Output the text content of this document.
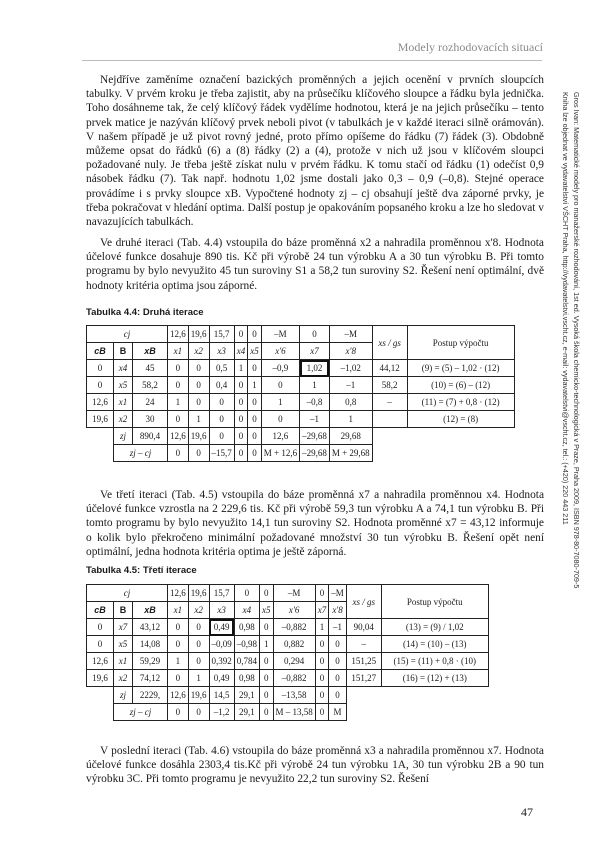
Modely rozhodovacích situací
Gros Ivan: Matematické modely pro manažerské rozhodování, 1st ed. Vysoká škola chemicko-technologická v Praze, Praha 2009, ISBN 978-80-7080-709-5
Kniha lze objednat ve vydavatelství VŠCHT Praha, http://vydavatelstvi.vscht.cz, e-mail: vydavatelstvi@vscht.cz, tel.: (+420) 220 443 211

Nejdříve zaměníme označení bazických proměnných a jejich ocenění v prvních sloupcích tabulky. V prvém kroku je třeba zajistit, aby na průsečíku klíčového sloupce a řádku byla jednička. Toho dosáhneme tak, že celý klíčový řádek vydělíme hodnotou, která je na jejich průsečíku – tento prvek matice je nazýván klíčový prvek neboli pivot (v tabulkách je v každé iteraci silně orámován). V našem případě je už pivot rovný jedné, proto přímo opíšeme do řádku (7) řádek (3). Obdobně můžeme opsat do řádků (6) a (8) řádky (2) a (4), protože v nich už jsou v klíčovém sloupci požadované nuly. Je třeba ještě získat nulu v prvém řádku. K tomu stačí od řádku (1) odečíst 0,9 násobek řádku (7). Tak např. hodnotu 1,02 jsme dostali jako 0,3 – 0,9 (–0,8). Stejné operace provádíme i s prvky sloupce xB. Vypočtené hodnoty zj – cj obsahují ještě dva záporné prvky, je třeba pokračovat v hledání optima. Další postup je opakováním popsaného kroku a lze ho sledovat v navazujících tabulkách.

Ve druhé iteraci (Tab. 4.4) vstoupila do báze proměnná x2 a nahradila proměnnou x'8. Hodnota účelové funkce dosahuje 890 tis. Kč při výrobě 24 tun výrobku A a 30 tun výrobku B. Při tomto programu by bylo nevyužito 45 tun suroviny S1 a 58,2 tun suroviny S2. Řešení není optimální, dvě hodnoty kritéria optima jsou záporné.

Tabulka 4.4: Druhá iterace
cj			12,6	19,6	15,7	0	0	–M	0	–M	xs / gs	Postup výpočtu
cB	B	xB	x1	x2	x3	x4	x5	x'6	x7	x'8		
0	x4	45	0	0	0,5	1	0	–0,9	1,02	–1,02	44,12	(9) = (5) – 1,02 · (12)
0	x5	58,2	0	0	0,4	0	1	0	1	–1	58,2	(10) = (6) – (12)
12,6	x1	24	1	0	0	0	0	1	–0,8	0,8	–	(11) = (7) + 0,8 · (12)
19,6	x2	30	0	1	0	0	0	0	–1	1		(12) = (8)
	zj	890,4	12,6	19,6	0	0	0	12,6	–29,68	29,68		
	zj – cj		0	0	–15,7	0	0	M + 12,6	–29,68	M + 29,68		

Ve třetí iteraci (Tab. 4.5) vstoupila do báze proměnná x7 a nahradila proměnnou x4. Hodnota účelové funkce vzrostla na 2 229,6 tis. Kč při výrobě 59,3 tun výrobku A a 74,1 tun výrobku B. Při tomto programu by bylo nevyužito 14,1 tun suroviny S2. Hodnota proměnné x7 = 43,12 informuje o kolik bylo překročeno minimální požadované množství 30 tun výrobku B. Řešení opět není optimální, jedna hodnota kritéria optima je ještě záporná.

Tabulka 4.5: Třetí iterace
cj			12,6	19,6	15,7	0	0	–M	0	–M	xs / gs	Postup výpočtu
cB	B	xB	x1	x2	x3	x4	x5	x'6	x7	x'8		
0	x7	43,12	0	0	0,49	0,98	0	–0,882	1	–1	90,04	(13) = (9) / 1,02
0	x5	14,08	0	0	–0,09	–0,98	1	0,882	0	0	–	(14) = (10) – (13)
12,6	x1	59,29	1	0	0,392	0,784	0	0,294	0	0	151,25	(15) = (11) + 0,8 · (10)
19,6	x2	74,12	0	1	0,49	0,98	0	–0,882	0	0	151,27	(16) = (12) + (13)
	zj	2229,	12,6	19,6	14,5	29,1	0	–13,58	0	0		
	zj – cj		0	0	–1,2	29,1	0	M – 13,58	0	M		

V poslední iteraci (Tab. 4.6) vstoupila do báze proměnná x3 a nahradila proměnnou x7. Hodnota účelové funkce dosáhla 2303,4 tis.Kč při výrobě 24 tun výrobku 1A, 30 tun výrobku 2B a 90 tun výrobku 3C. Při tomto programu je nevyužito 22,2 tun suroviny S2. Řešení

47
